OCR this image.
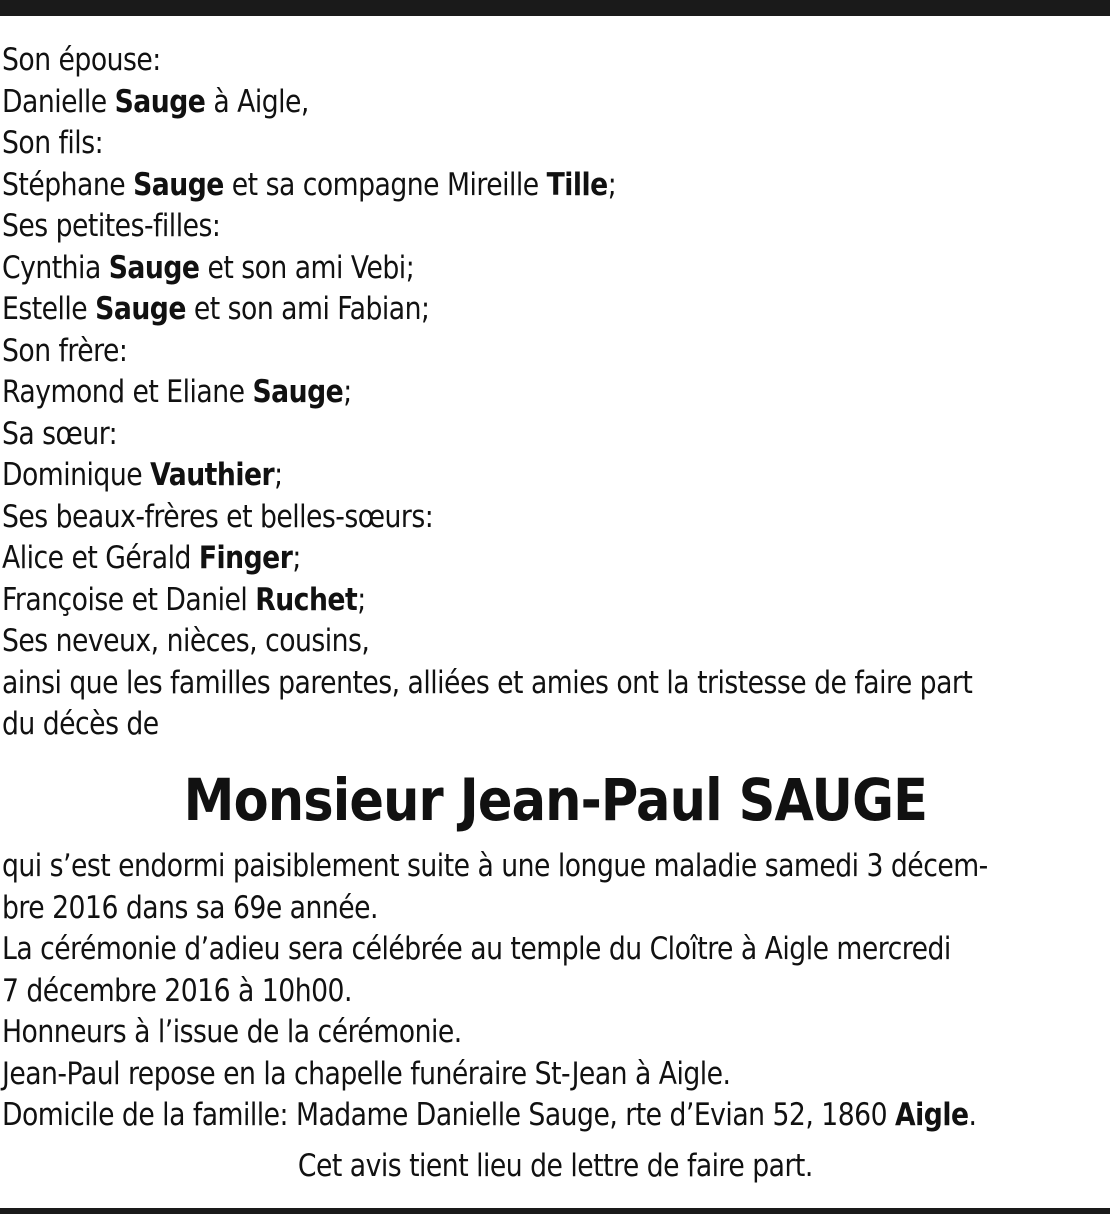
Son épouse:
Danielle Sauge à Aigle,
Son fils:
Stéphane Sauge et sa compagne Mireille Tille;
Ses petites-filles:
Cynthia Sauge et son ami Vebi;
Estelle Sauge et son ami Fabian;
Son frère:
Raymond et Eliane Sauge;
Sa sœur:
Dominique Vauthier;
Ses beaux-frères et belles-sœurs:
Alice et Gérald Finger;
Françoise et Daniel Ruchet;
Ses neveux, nièces, cousins,
ainsi que les familles parentes, alliées et amies ont la tristesse de faire part
du décès de
Monsieur Jean-Paul SAUGE
qui s’est endormi paisiblement suite à une longue maladie samedi 3 décem-
bre 2016 dans sa 69e année.
La cérémonie d’adieu sera célébrée au temple du Cloître à Aigle mercredi
7 décembre 2016 à 10h00.
Honneurs à l’issue de la cérémonie.
Jean-Paul repose en la chapelle funéraire St-Jean à Aigle.
Domicile de la famille: Madame Danielle Sauge, rte d’Evian 52, 1860 Aigle.
Cet avis tient lieu de lettre de faire part.
